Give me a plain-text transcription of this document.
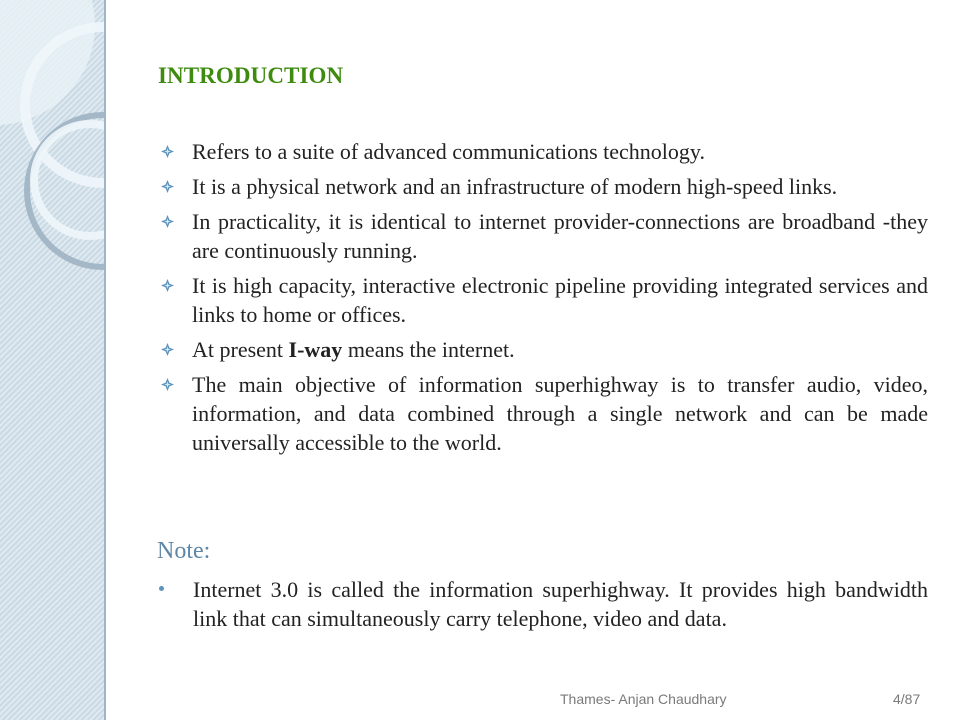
INTRODUCTION
Refers to a suite of advanced communications technology.
It is a physical network and an infrastructure of modern high-speed links.
In practicality, it is identical to internet provider-connections are broadband -they are continuously running.
It is high capacity, interactive electronic pipeline providing integrated services and links to home or offices.
At present I-way means the internet.
The main objective of information superhighway is to transfer audio, video, information, and data combined through a single network and can be made universally accessible to the world.
Note:
Internet 3.0 is called the information superhighway. It provides high bandwidth link that can simultaneously carry telephone, video and data.
Thames- Anjan Chaudhary	4/87
